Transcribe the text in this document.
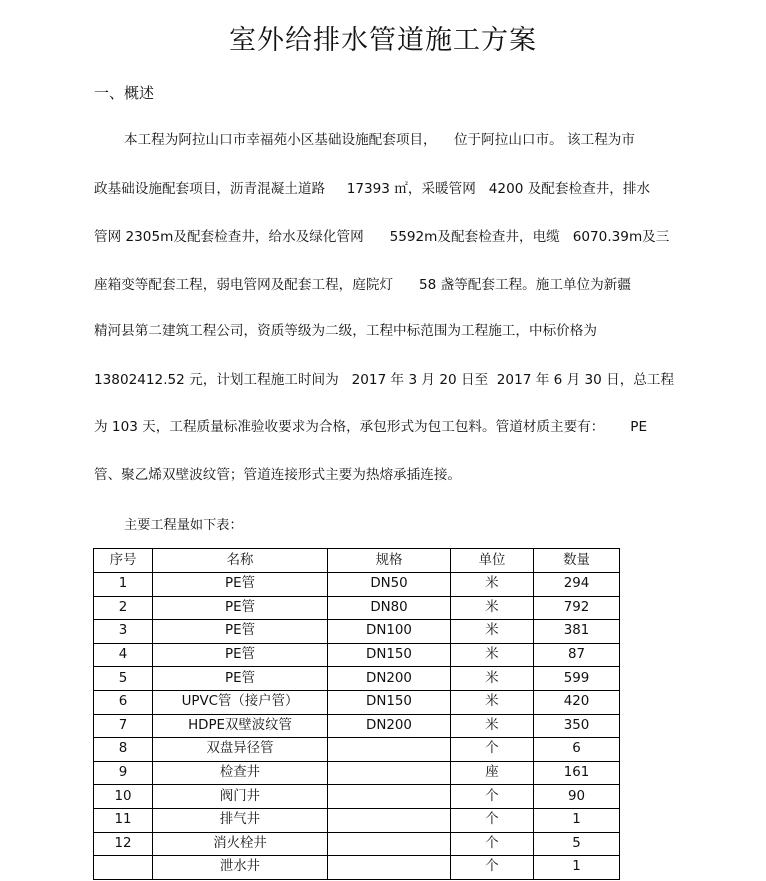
室外给排水管道施工方案
一、概述
本工程为阿拉山口市幸福苑小区基础设施配套项目，    位于阿拉山口市。 该工程为市
政基础设施配套项目，沥青混凝土道路     17393 ㎡，采暖管网   4200 及配套检查井，排水
管网 2305m及配套检查井，给水及绿化管网      5592m及配套检查井，电缆   6070.39m及三
座箱变等配套工程，弱电管网及配套工程，庭院灯      58 盏等配套工程。施工单位为新疆
精河县第二建筑工程公司，资质等级为二级，工程中标范围为工程施工，中标价格为
13802412.52 元，计划工程施工时间为   2017 年 3 月 20 日至  2017 年 6 月 30 日，总工程
为 103 天，工程质量标准验收要求为合格，承包形式为包工包料。管道材质主要有：      PE
管、聚乙烯双壁波纹管；管道连接形式主要为热熔承插连接。
主要工程量如下表：
序号	名称	规格	单位	数量
1	PE管	DN50	米	294
2	PE管	DN80	米	792
3	PE管	DN100	米	381
4	PE管	DN150	米	87
5	PE管	DN200	米	599
6	UPVC管（接户管）	DN150	米	420
7	HDPE双壁波纹管	DN200	米	350
8	双盘异径管		个	6
9	检查井		座	161
10	阀门井		个	90
11	排气井		个	1
12	消火栓井		个	5
	泄水井		个	1
